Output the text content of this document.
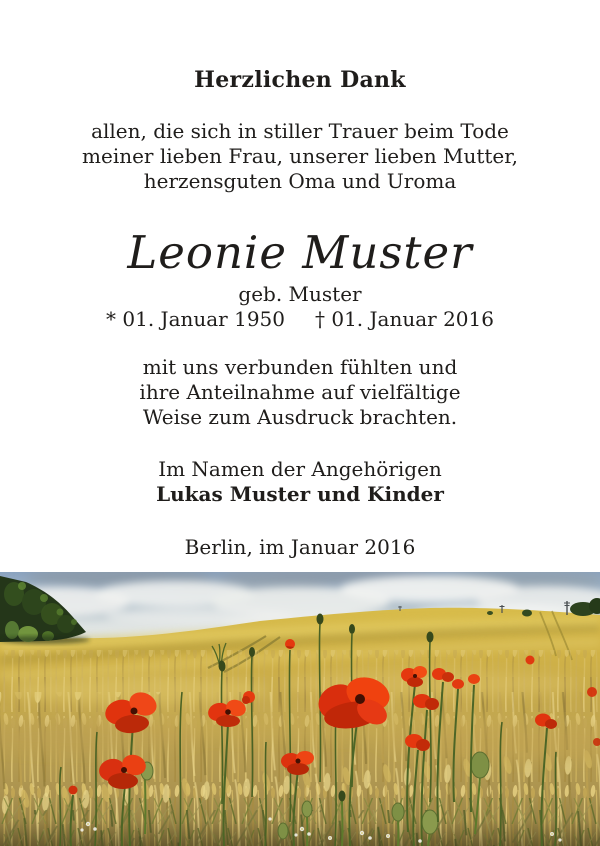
Herzlichen Dank
allen, die sich in stiller Trauer beim Tode
meiner lieben Frau, unserer lieben Mutter,
herzensguten Oma und Uroma
Leonie Muster
geb. Muster
* 01. Januar 1950 † 01. Januar 2016
mit uns verbunden fühlten und
ihre Anteilnahme auf vielfältige
Weise zum Ausdruck brachten.
Im Namen der Angehörigen
Lukas Muster und Kinder
Berlin, im Januar 2016
